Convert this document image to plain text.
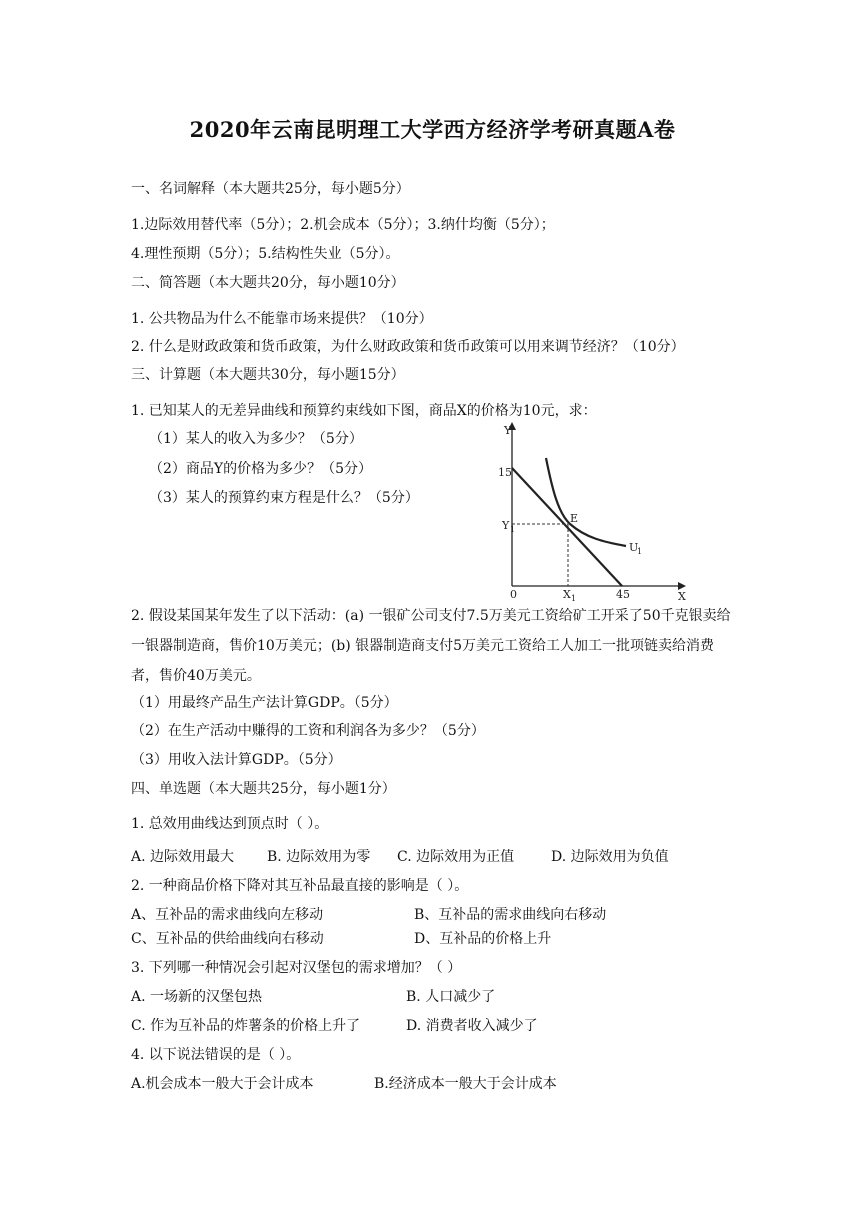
2020年云南昆明理工大学西方经济学考研真题A卷
一、名词解释（本大题共25分，每小题5分）
1.边际效用替代率（5分）；2.机会成本（5分）；3.纳什均衡（5分）；
4.理性预期（5分）；5.结构性失业（5分）。
二、简答题（本大题共20分，每小题10分）
1. 公共物品为什么不能靠市场来提供？（10分）
2. 什么是财政政策和货币政策，为什么财政政策和货币政策可以用来调节经济？（10分）
三、计算题（本大题共30分，每小题15分）
1. 已知某人的无差异曲线和预算约束线如下图，商品X的价格为10元，求：
（1）某人的收入为多少？（5分）
（2）商品Y的价格为多少？（5分）
（3）某人的预算约束方程是什么？（5分）
Y
X
0
15
Y 1
X 1	45
E
U
1
2. 假设某国某年发生了以下活动：(a) 一银矿公司支付7.5万美元工资给矿工开采了50千克银卖给一银器制造商，售价10万美元；(b) 银器制造商支付5万美元工资给工人加工一批项链卖给消费者，售价40万美元。
（1）用最终产品生产法计算GDP。（5分）
（2）在生产活动中赚得的工资和利润各为多少？（5分）
（3）用收入法计算GDP。（5分）
四、单选题（本大题共25分，每小题1分）
1. 总效用曲线达到顶点时（ ）。
A. 边际效用最大 B. 边际效用为零 C. 边际效用为正值	D. 边际效用为负值
2. 一种商品价格下降对其互补品最直接的影响是（ ）。
A、互补品的需求曲线向左移动	B、互补品的需求曲线向右移动
C、互补品的供给曲线向右移动	D、互补品的价格上升
3. 下列哪一种情况会引起对汉堡包的需求增加？（ ）
A. 一场新的汉堡包热	B. 人口减少了
C. 作为互补品的炸薯条的价格上升了	D. 消费者收入减少了
4. 以下说法错误的是（ ）。
A.机会成本一般大于会计成本	B.经济成本一般大于会计成本
